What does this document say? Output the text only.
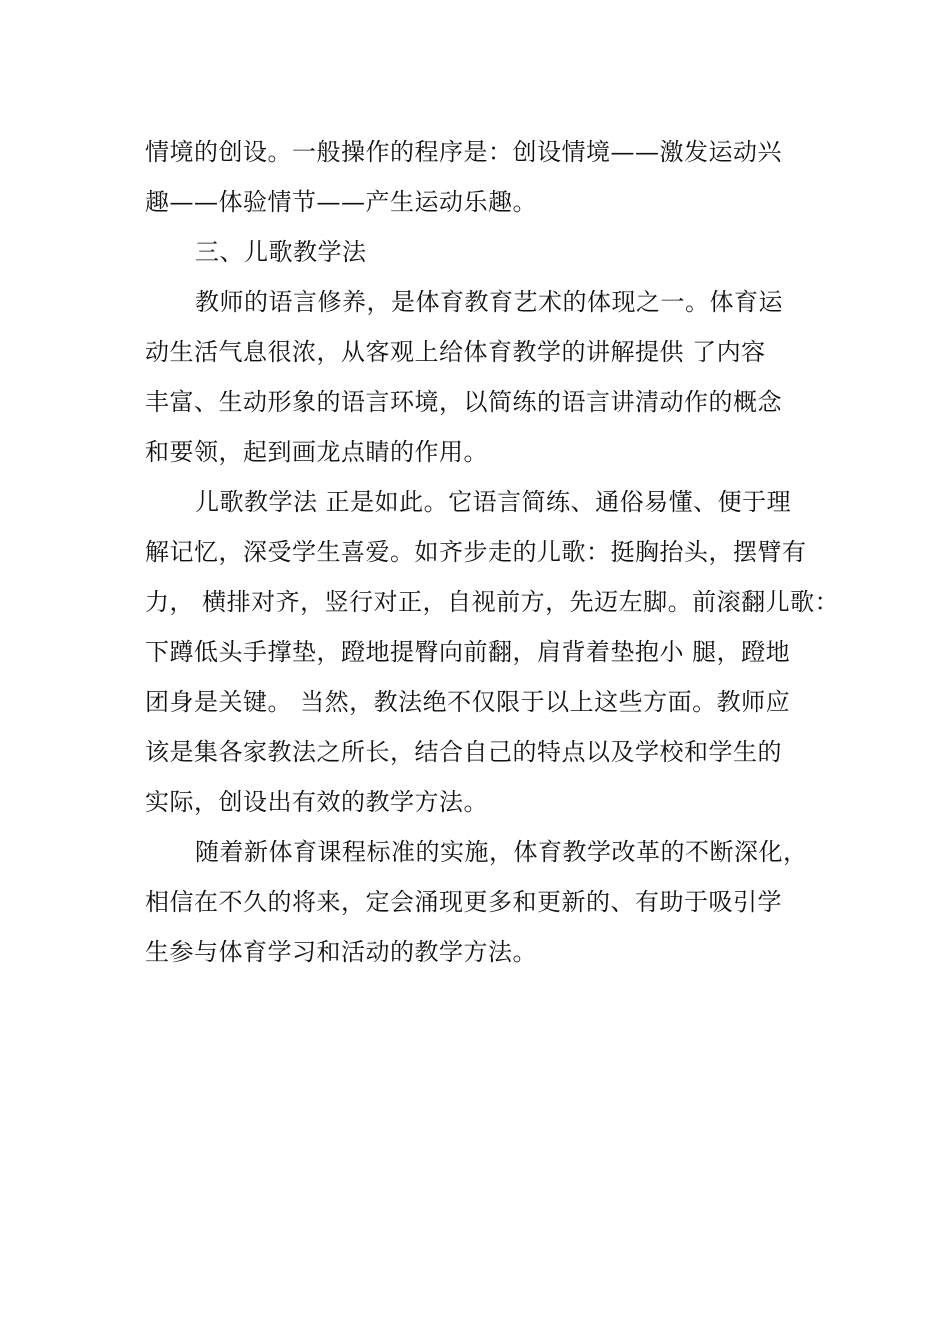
情境的创设。一般操作的程序是：创设情境——激发运动兴
趣——体验情节——产生运动乐趣。
三、儿歌教学法
教师的语言修养，是体育教育艺术的体现之一。体育运
动生活气息很浓，从客观上给体育教学的讲解提供 了内容
丰富、生动形象的语言环境，以简练的语言讲清动作的概念
和要领，起到画龙点睛的作用。
儿歌教学法 正是如此。它语言简练、通俗易懂、便于理
解记忆，深受学生喜爱。如齐步走的儿歌：挺胸抬头，摆臂有
力， 横排对齐，竖行对正，自视前方，先迈左脚。前滚翻儿歌：
下蹲低头手撑垫，蹬地提臀向前翻，肩背着垫抱小 腿，蹬地
团身是关键。 当然，教法绝不仅限于以上这些方面。教师应
该是集各家教法之所长，结合自己的特点以及学校和学生的
实际，创设出有效的教学方法。
随着新体育课程标准的实施，体育教学改革的不断深化，
相信在不久的将来，定会涌现更多和更新的、有助于吸引学
生参与体育学习和活动的教学方法。
